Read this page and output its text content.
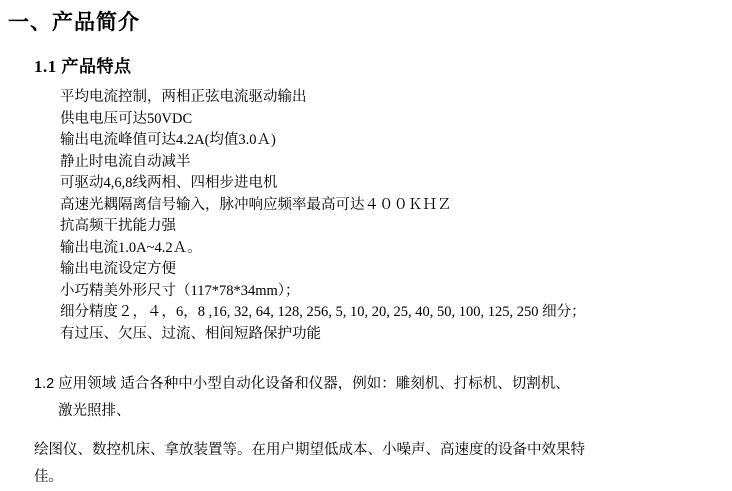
一、产品简介
1.1 产品特点
平均电流控制，两相正弦电流驱动输出
供电电压可达50VDC
输出电流峰值可达4.2A(均值3.0Ａ)
静止时电流自动减半
可驱动4,6,8线两相、四相步进电机
高速光耦隔离信号输入，脉冲响应频率最高可达４００ＫＨＺ
抗高频干扰能力强
输出电流1.0A~4.2Ａ。
输出电流设定方便
小巧精美外形尺寸（117*78*34mm）；
细分精度２，４，6，8 ,16, 32, 64, 128, 256, 5, 10, 20, 25, 40, 50, 100, 125, 250 细分；
有过压、欠压、过流、相间短路保护功能

1.2 应用领域 适合各种中小型自动化设备和仪器，例如：雕刻机、打标机、切割机、

激光照排、

绘图仪、数控机床、拿放装置等。在用户期望低成本、小噪声、高速度的设备中效果特

佳。
